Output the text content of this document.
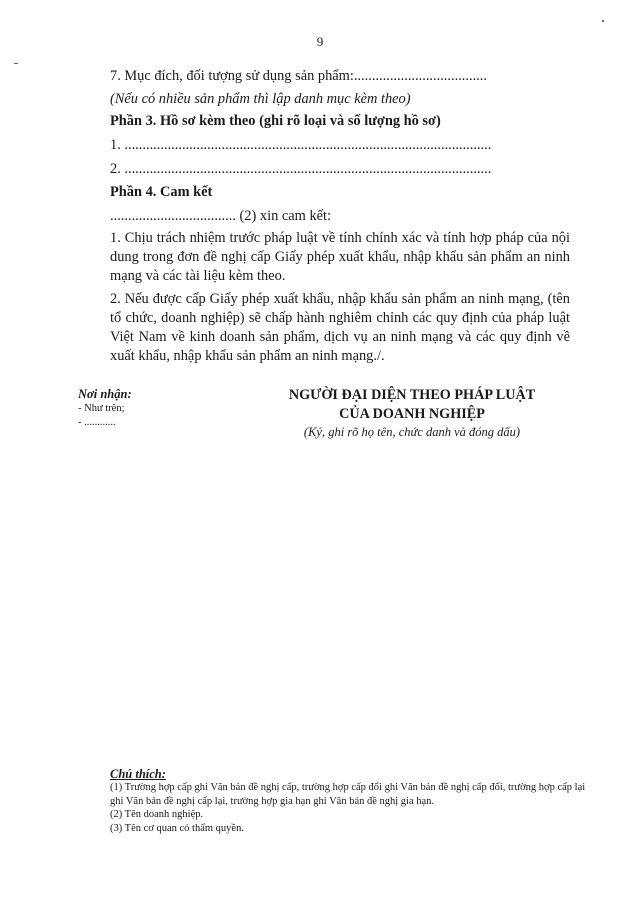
9
7. Mục đích, đối tượng sử dụng sản phẩm:.....................................
(Nếu có nhiều sản phẩm thì lập danh mục kèm theo)
Phần 3. Hồ sơ kèm theo (ghi rõ loại và số lượng hồ sơ)
1. ......................................................................................................
2. ......................................................................................................
Phần 4. Cam kết
................................... (2) xin cam kết:
1. Chịu trách nhiệm trước pháp luật về tính chính xác và tính hợp pháp của nội dung trong đơn đề nghị cấp Giấy phép xuất khẩu, nhập khẩu sản phẩm an ninh mạng và các tài liệu kèm theo.
2. Nếu được cấp Giấy phép xuất khẩu, nhập khẩu sản phẩm an ninh mạng, (tên tổ chức, doanh nghiệp) sẽ chấp hành nghiêm chỉnh các quy định của pháp luật Việt Nam về kinh doanh sản phẩm, dịch vụ an ninh mạng và các quy định về xuất khẩu, nhập khẩu sản phẩm an ninh mạng./.
Nơi nhận:
- Như trên;
- ............
NGƯỜI ĐẠI DIỆN THEO PHÁP LUẬT
CỦA DOANH NGHIỆP
(Ký, ghi rõ họ tên, chức danh và đóng dấu)
Chú thích:
(1) Trường hợp cấp ghi Văn bản đề nghị cấp, trường hợp cấp đổi ghi Văn bản đề nghị cấp đổi, trường hợp cấp lại ghi Văn bản đề nghị cấp lại, trường hợp gia hạn ghi Văn bản đề nghị gia hạn.
(2) Tên doanh nghiệp.
(3) Tên cơ quan có thẩm quyền.
